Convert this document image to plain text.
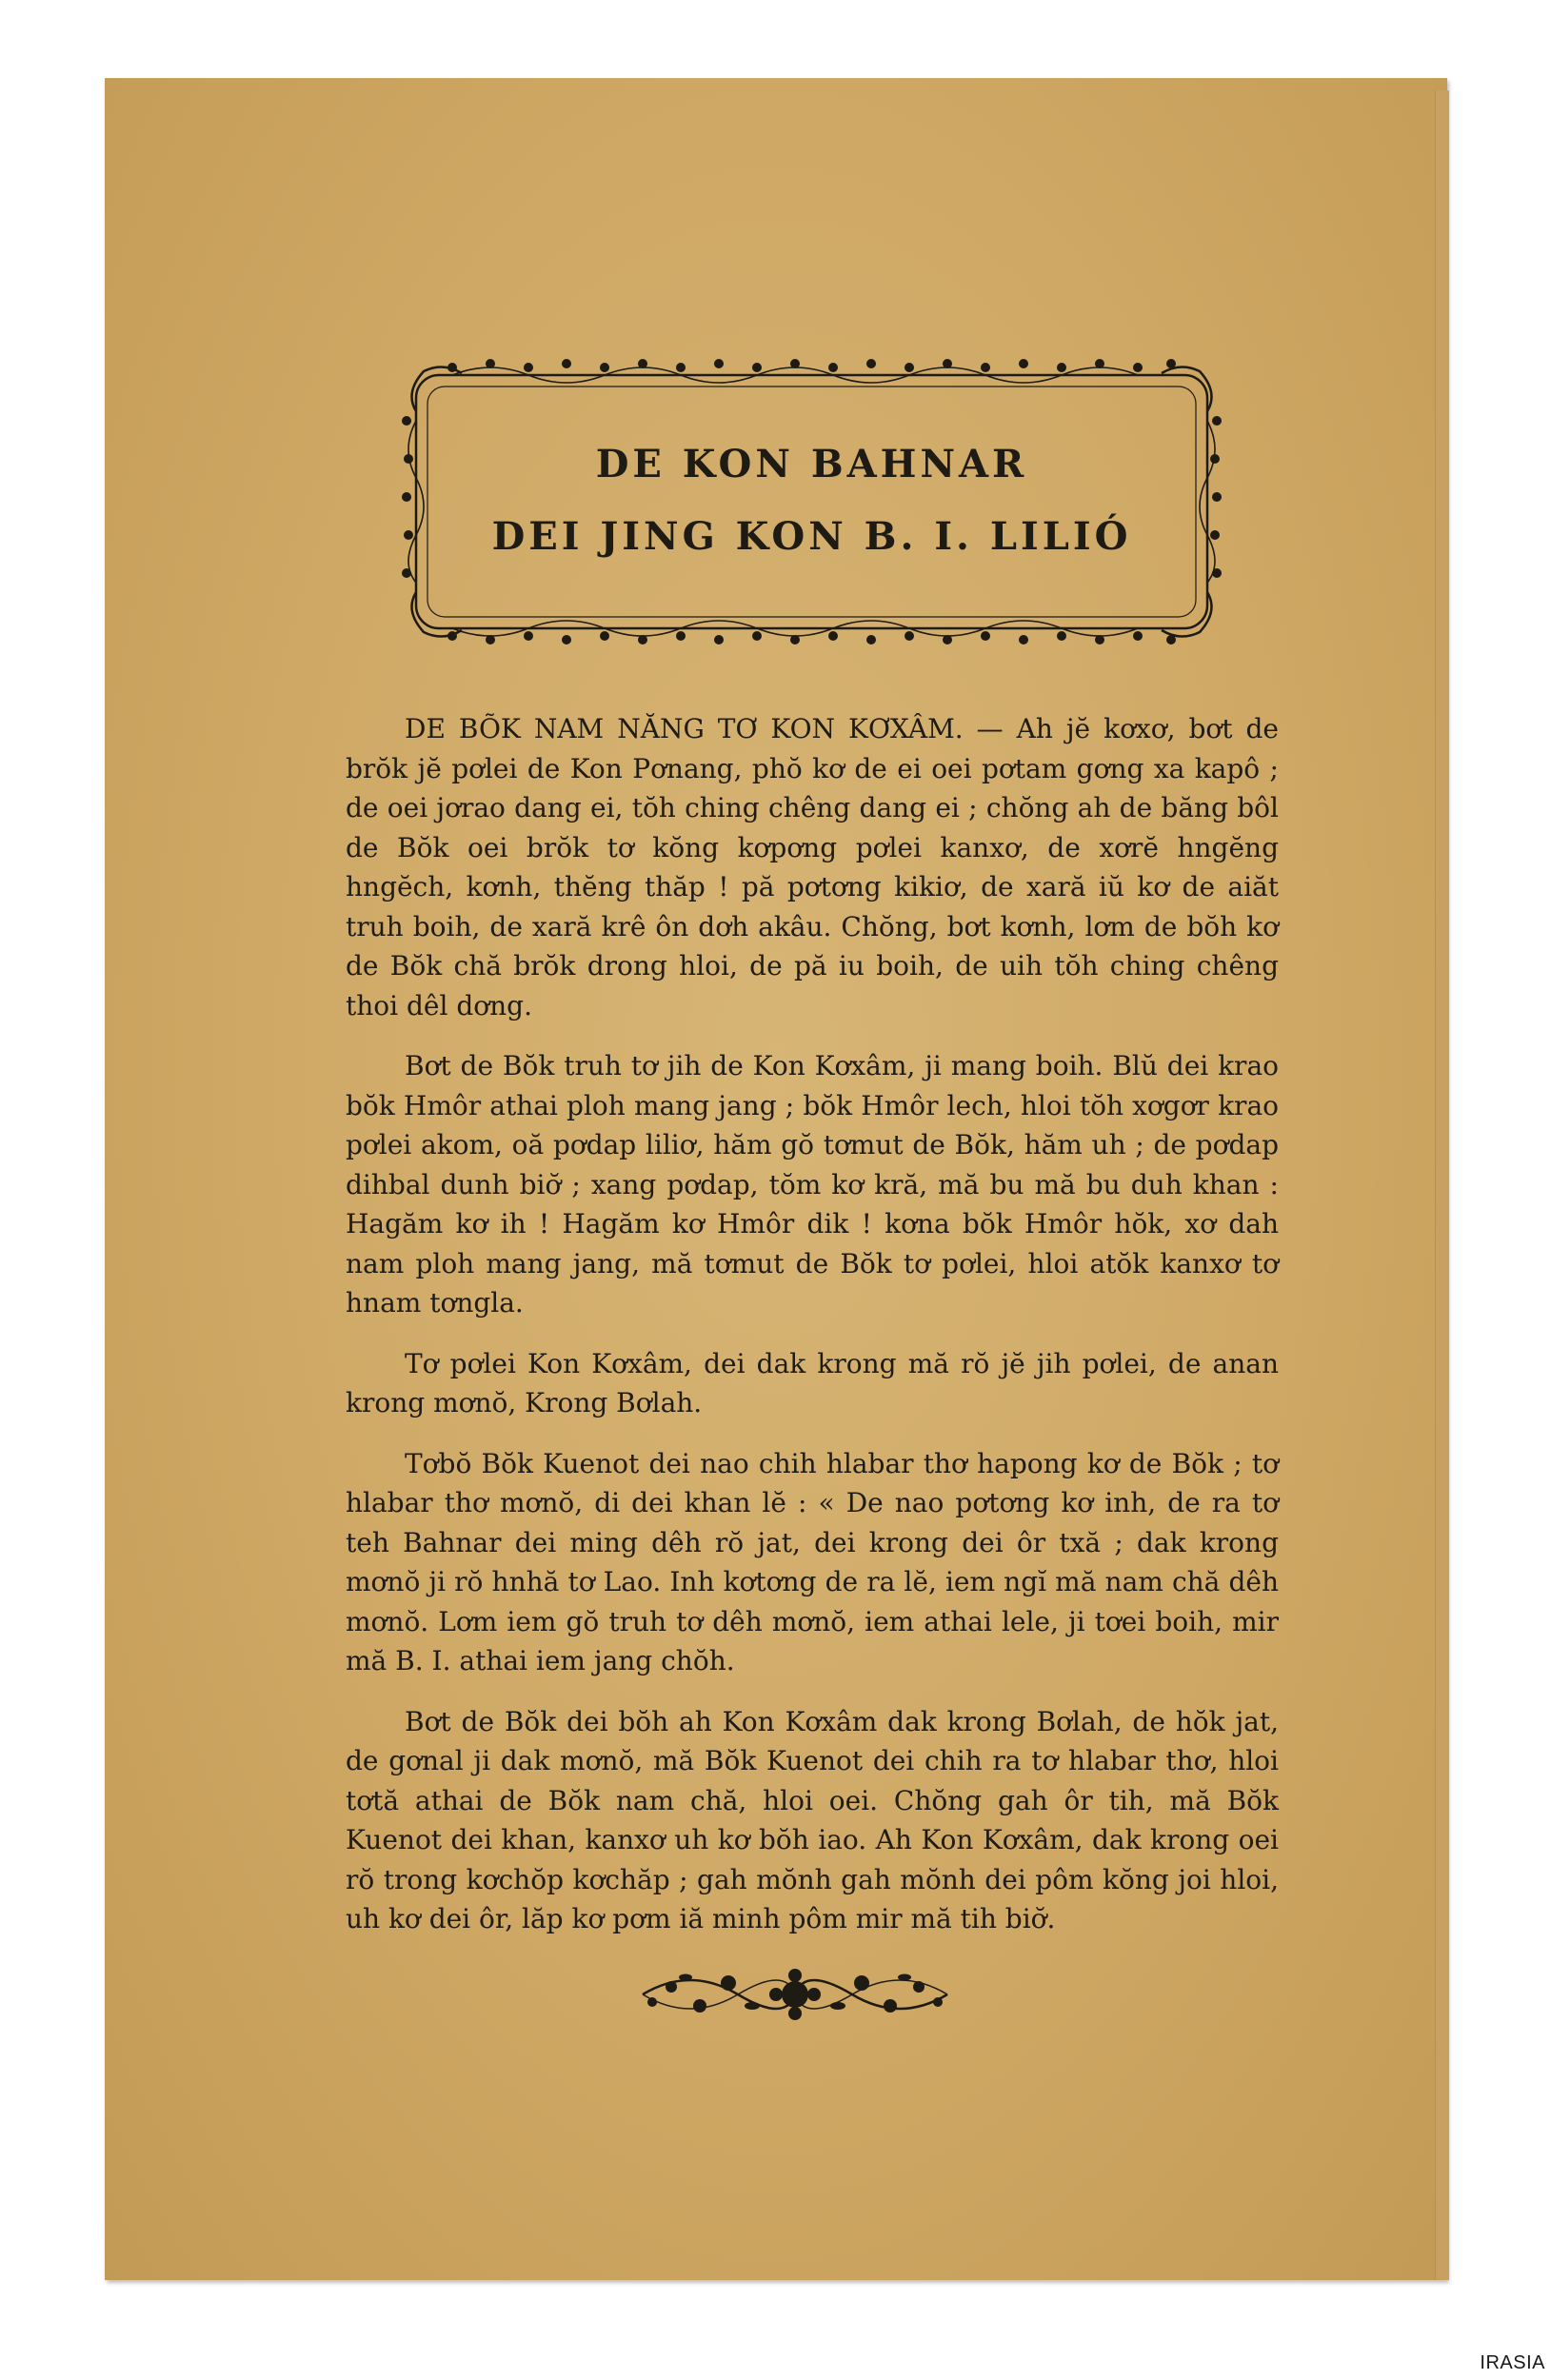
DE KON BAHNAR
DEI JING KON B. I. LILIÓ

DE BÕK NAM NĂNG TƠ KON KƠXÂM. — Ah jĕ kơxơ, bơt de brŏk jĕ pơlei de Kon Pơnang, phŏ kơ de ei oei pơtam gơng xa kapô ; de oei jơrao dang ei, tŏh ching chêng dang ei ; chŏng ah de băng bôl de Bŏk oei brŏk tơ kŏng kơpơng pơlei kanxơ, de xơrĕ hngĕng hngĕch, kơnh, thĕng thăp ! pă pơtơng kikiơ, de xară iŭ kơ de aiăt truh boih, de xară krê ôn dơh akâu. Chŏng, bơt kơnh, lơm de bŏh kơ de Bŏk chă brŏk drong hloi, de pă iu boih, de uih tŏh ching chêng thoi dêl dơng.

Bơt de Bŏk truh tơ jih de Kon Kơxâm, ji mang boih. Blŭ dei krao bŏk Hmôr athai ploh mang jang ; bŏk Hmôr lech, hloi tŏh xơgơr krao pơlei akom, oă pơdap liliơ, hăm gŏ tơmut de Bŏk, hăm uh ; de pơdap dihbal dunh biơ̆ ; xang pơdap, tŏm kơ kră, mă bu mă bu duh khan : Hagăm kơ ih ! Hagăm kơ Hmôr dik ! kơna bŏk Hmôr hŏk, xơ dah nam ploh mang jang, mă tơmut de Bŏk tơ pơlei, hloi atŏk kanxơ tơ hnam tơngla.

Tơ pơlei Kon Kơxâm, dei dak krong mă rŏ jĕ jih pơlei, de anan krong mơnŏ, Krong Bơlah.

Tơbŏ Bŏk Kuenot dei nao chih hlabar thơ hapong kơ de Bŏk ; tơ hlabar thơ mơnŏ, di dei khan lĕ : « De nao pơtơng kơ inh, de ra tơ teh Bahnar dei ming dêh rŏ jat, dei krong dei ôr txă ; dak krong mơnŏ ji rŏ hnhă tơ Lao. Inh kơtơng de ra lĕ, iem ngĭ mă nam chă dêh mơnŏ. Lơm iem gŏ truh tơ dêh mơnŏ, iem athai lele, ji tơei boih, mir mă B. I. athai iem jang chŏh.

Bơt de Bŏk dei bŏh ah Kon Kơxâm dak krong Bơlah, de hŏk jat, de gơnal ji dak mơnŏ, mă Bŏk Kuenot dei chih ra tơ hlabar thơ, hloi tơtă athai de Bŏk nam chă, hloi oei. Chŏng gah ôr tih, mă Bŏk Kuenot dei khan, kanxơ uh kơ bŏh iao. Ah Kon Kơxâm, dak krong oei rŏ trong kơchŏp kơchăp ; gah mŏnh gah mŏnh dei pôm kŏng joi hloi, uh kơ dei ôr, lăp kơ pơm iă minh pôm mir mă tih biơ̆.

IRASIA
